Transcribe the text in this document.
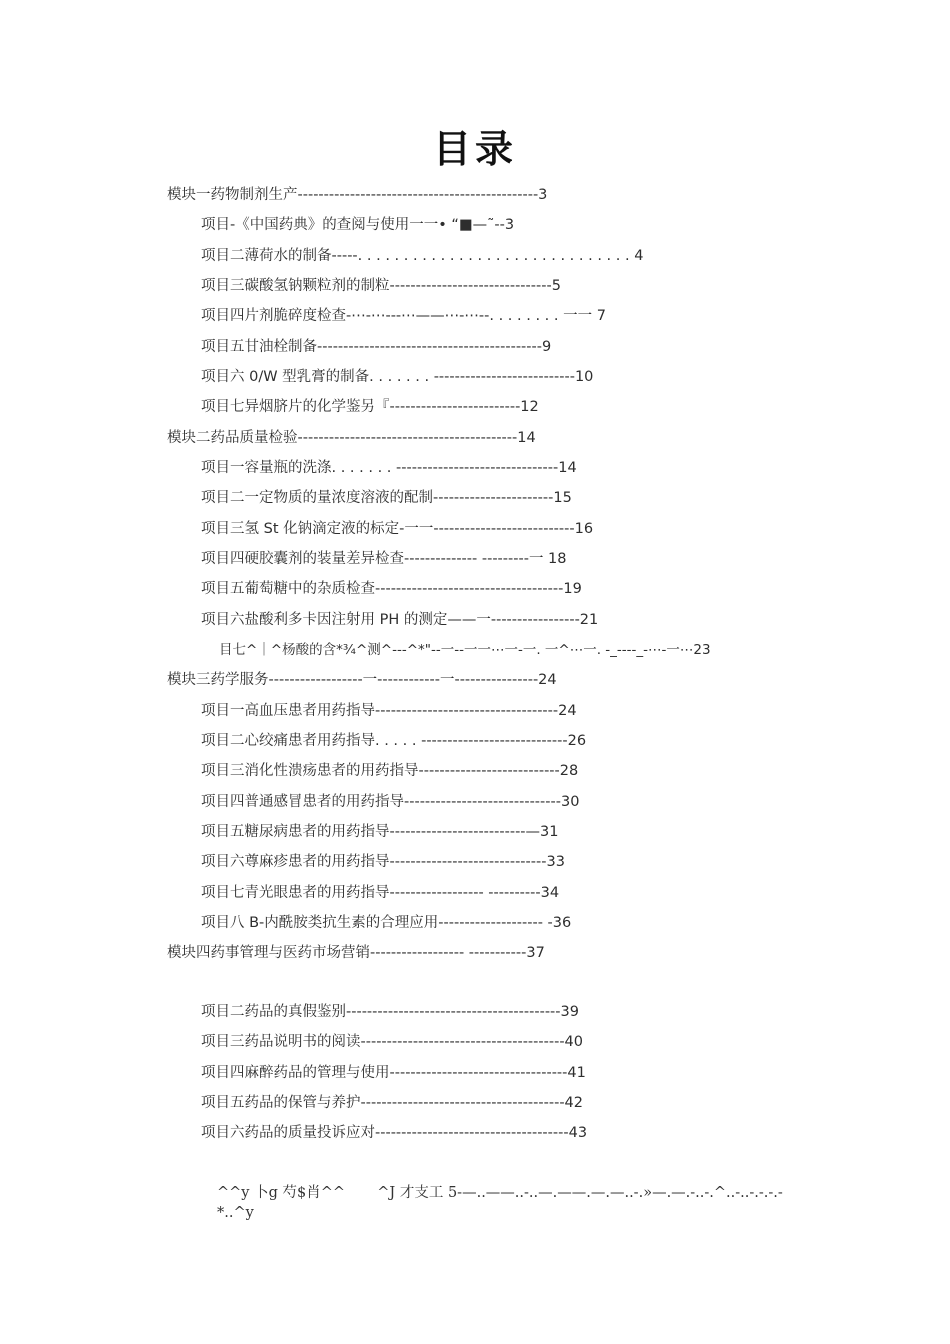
目录
模块一药物制剂生产----------------------------------------------3
项目-《中国药典》的查阅与使用一一• “■—˜--3
项目二薄荷水的制备-----. . . . . . . . . . . . . . . . . . . . . . . . . . . . . . 4
项目三碳酸氢钠颗粒剂的制粒-------------------------------5
项目四片剂脆碎度检查-⋯-⋯---⋯——⋯-⋯--. . . . . . . . 一一 7
项目五甘油栓制备-------------------------------------------9
项目六 0/W 型乳膏的制备. . . . . . . ---------------------------10
项目七异烟脐片的化学鉴另『-------------------------12
模块二药品质量检验------------------------------------------14
项目一容量瓶的洗涤. . . . . . . -------------------------------14
项目二一定物质的量浓度溶液的配制-----------------------15
项目三氢 St 化钠滴定液的标定-一一---------------------------16
项目四硬胶囊剂的装量差异检查-------------- ---------一 18
项目五葡萄糖中的杂质检查------------------------------------19
项目六盐酸利多卡因注射用 PH 的测定——一-----------------21
目七^｜^杨酸的含*¾^测^---^*"--一--一一⋯一-一. 一^⋯一. -_----_-⋯-一⋯23
模块三药学服务------------------一------------一----------------24
项目一高血压患者用药指导-----------------------------------24
项目二心绞痛患者用药指导. . . . . ----------------------------26
项目三消化性溃疡患者的用药指导---------------------------28
项目四普通感冒患者的用药指导------------------------------30
项目五糖尿病患者的用药指导--------------------------—31
项目六尊麻疹患者的用药指导------------------------------33
项目七青光眼患者的用药指导------------------ ----------34
项目八 B-内酰胺类抗生素的合理应用-------------------- -36
模块四药事管理与医药市场营销------------------ -----------37
项目二药品的真假鉴别-----------------------------------------39
项目三药品说明书的阅读---------------------------------------40
项目四麻醉药品的管理与使用----------------------------------41
项目五药品的保管与养护---------------------------------------42
项目六药品的质量投诉应对-------------------------------------43
^^y 卜g 芍$肖^^       ^J 才支工 5-—..——..-..—.——.—.—..-.»—.—.-..-.^..-..-.-.-.-*..^y
